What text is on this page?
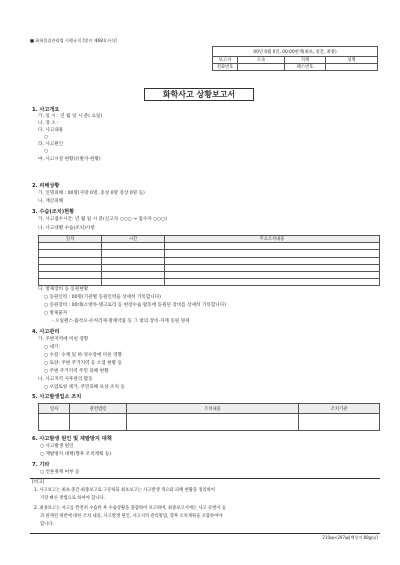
■ 화학물질관리법 시행규칙 [별지 제68호서식]
00년 0월 0일, 00:00현재(최초, 중간, 최종)			
보고자	소속	직책	성명
전화번호		팩스번호	
화학사고 상황보고서
1. 사고개요
가. 일 시 : 년 월 일 시 분( 요일)
나. 장 소 :
다. 사고내용
○
라. 사고원인
○
마. 사고시설 현황(유발자·현황)
2. 피해상황
가. 인명피해 : 00명(사망 0명, 중상 0명 경상 0명 등)
나. 재산피해
3. 수습(조치)현황
가. 사고접수시간: 년 월 일 시 분(신고자 ○○○ → 접수자 ○○○)
나. 사고대별 수습(조치)사항
일자	시간	주요조치내용

다. 방제장비 등 동원현황
○ 동원인력 : 00명(기관별 동원인력을 상세히 기록합니다)
○ 동원장비 : 00대(소방차·탱크로리 등 현장수습 활동에 동원된 장비를 상세히 기록합니다)
○ 방제물자
- 오일펜스·흡착포·유처리제·방제약품 등 그 밖의 장비·자재 동원 명세
4. 사고관리
가. 주변지역에 미친 영향
○ 대기:
○ 수질: 수계 및 하·경수장에 미친 영향
○ 토양: 주변 주거지역 등 오염 현황 등
○ 주변 주거지역 주민 피해 현황
나. 사고지역 사후관리 활동
○ 오염토양 제거, 주민피해 보상 조치 등
5. 사고발생업소 조치
일자	관련법령	조치내용	조치기관

6. 사고발생 원인 및 재발방지 대책
○ 사고발생 원인
○ 재발방지 대책(향후 조치계획 등)
7. 기타
○ 언론취재 여부 등
[비고]
1. 사고보고는 최초·중간·최종보고로 구분하되 최초보고는 사고발생 개요와 피해 현황을 정리하여
가장 빠른 방법으로 하여야 합니다.
2. 최종보고는 사고를 완전히 수습한 후 수습상황을 종합하여 보고하며, 최종보고서에는 사고 유발자 등
과 관계된 위반에 대한 조치 내용, 사고발생 원인, 사고지역 관리방법, 향후 조치계획을 포함하여야
합니다.
210㎜×297㎜[백상지 80g/㎡]
